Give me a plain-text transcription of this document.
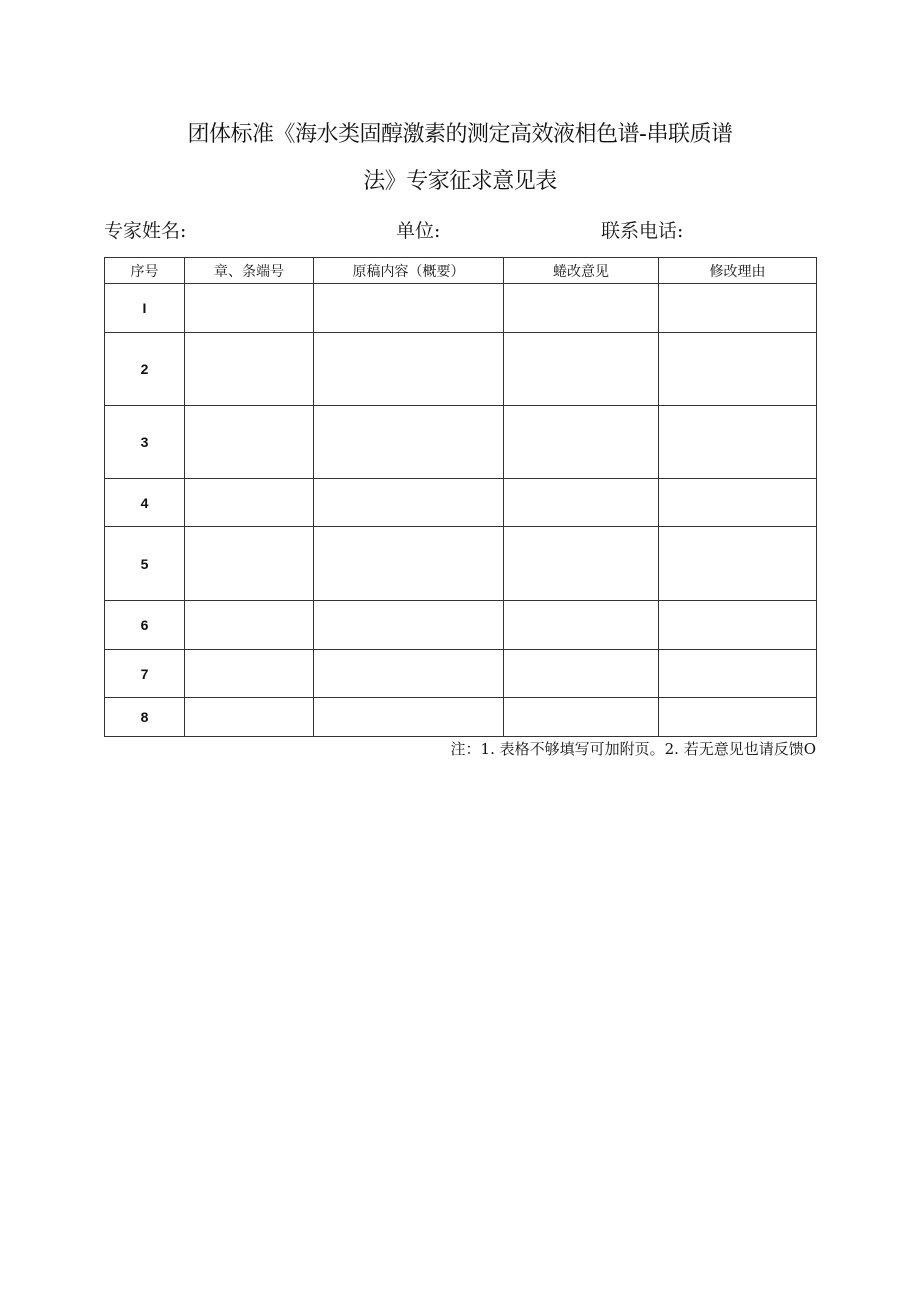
团体标准《海水类固醇激素的测定高效液相色谱-串联质谱
法》专家征求意见表
专家姓名:	单位:	联系电话:
序号	章、条端号	原稿内容（概要）	蜷改意见	修改理由
I				
2				
3				
4				
5				
6				
7				
8				
注：1. 表格不够填写可加附页。2. 若无意见也请反馈O
